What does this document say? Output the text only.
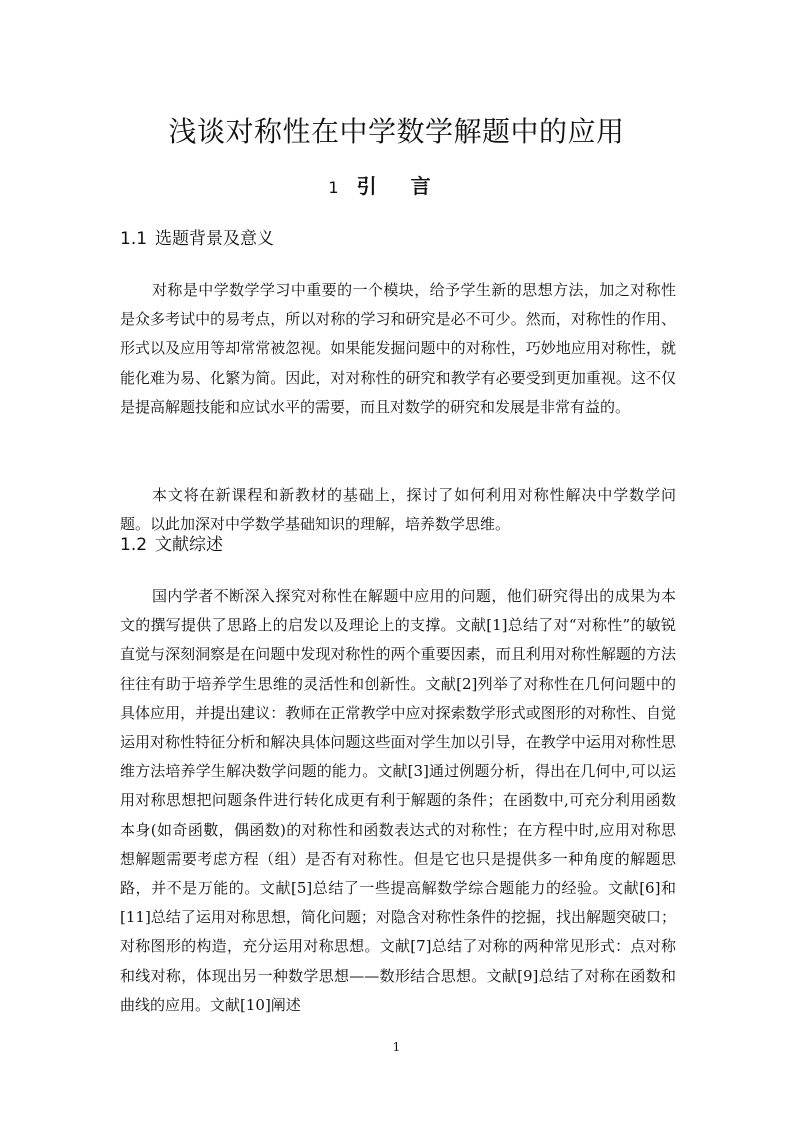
浅谈对称性在中学数学解题中的应用
1 引言
1.1 选题背景及意义

对称是中学数学学习中重要的一个模块，给予学生新的思想方法，加之对称性是众多考试中的易考点，所以对称的学习和研究是必不可少。然而，对称性的作用、形式以及应用等却常常被忽视。如果能发掘问题中的对称性，巧妙地应用对称性，就能化难为易、化繁为简。因此，对对称性的研究和教学有必要受到更加重视。这不仅是提高解题技能和应试水平的需要，而且对数学的研究和发展是非常有益的。

本文将在新课程和新教材的基础上，探讨了如何利用对称性解决中学数学问题。以此加深对中学数学基础知识的理解，培养数学思维。

1.2 文献综述

国内学者不断深入探究对称性在解题中应用的问题，他们研究得出的成果为本文的撰写提供了思路上的启发以及理论上的支撑。文献[1]总结了对“对称性”的敏锐直觉与深刻洞察是在问题中发现对称性的两个重要因素，而且利用对称性解题的方法往往有助于培养学生思维的灵活性和创新性。文献[2]列举了对称性在几何问题中的具体应用，并提出建议：教师在正常教学中应对探索数学形式或图形的对称性、自觉运用对称性特征分析和解决具体问题这些面对学生加以引导，在教学中运用对称性思维方法培养学生解决数学问题的能力。文献[3]通过例题分析，得出在几何中,可以运用对称思想把问题条件进行转化成更有利于解题的条件；在函数中,可充分利用函数本身(如奇函數，偶函数)的对称性和函数表达式的对称性；在方程中时,应用对称思想解题需要考虑方程（组）是否有对称性。但是它也只是提供多一种角度的解题思路，并不是万能的。文献[5]总结了一些提高解数学综合题能力的经验。文献[6]和[11]总结了运用对称思想，简化问题；对隐含对称性条件的挖掘，找出解题突破口；对称图形的构造，充分运用对称思想。文献[7]总结了对称的两种常见形式：点对称和线对称，体现出另一种数学思想——数形结合思想。文献[9]总结了对称在函数和曲线的应用。文献[10]阐述

1
